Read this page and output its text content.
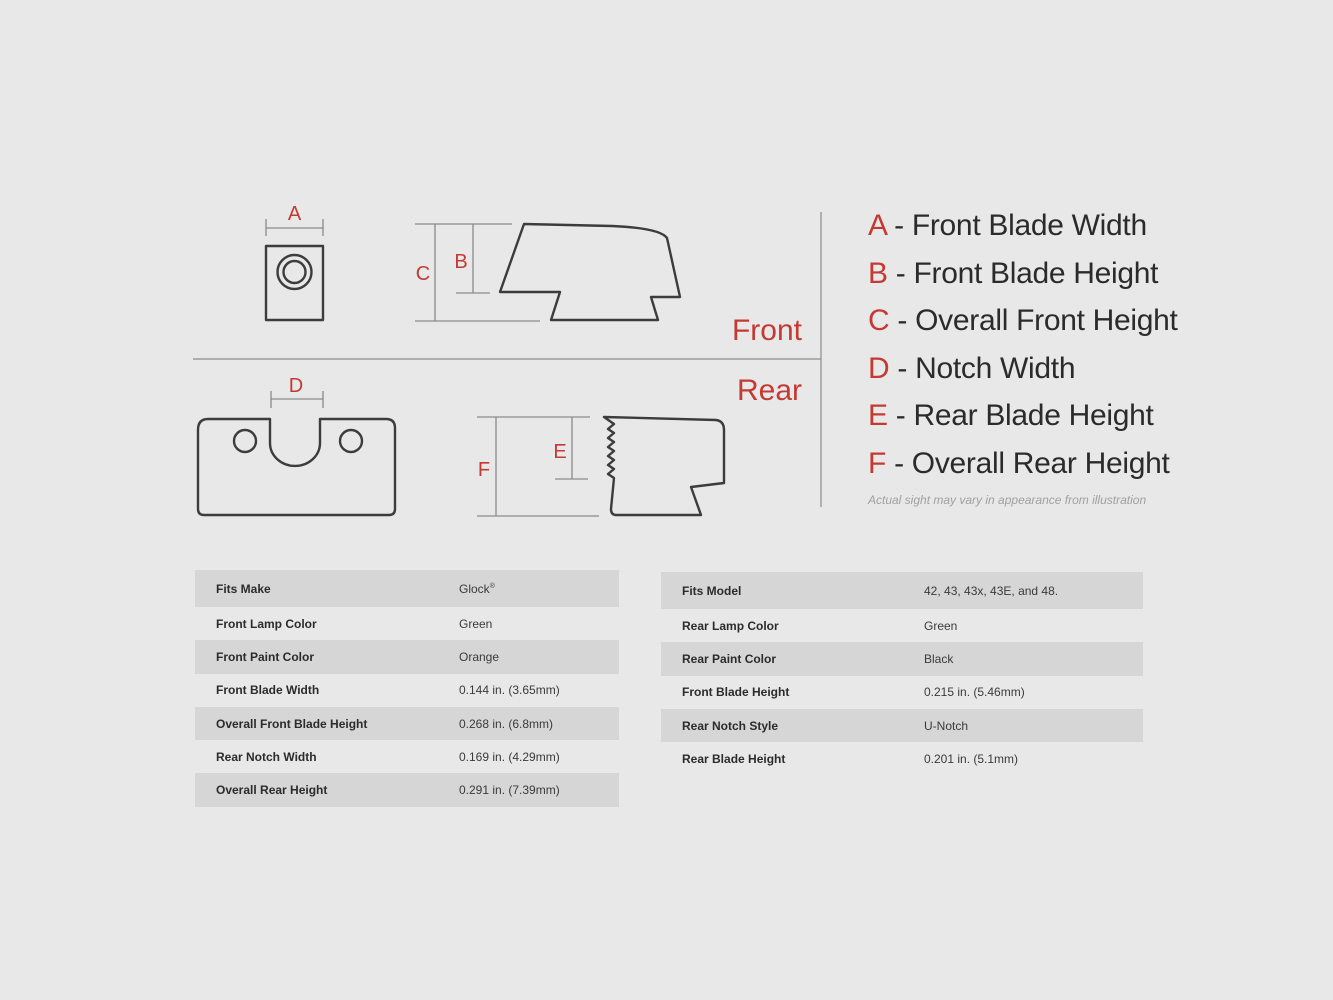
A
C
B
Front
Rear
D
F
E
A - Front Blade Width
B - Front Blade Height
C - Overall Front Height
D - Notch Width
E - Rear Blade Height
F - Overall Rear Height
Actual sight may vary in appearance from illustration
Fits Make	Glock®
Front Lamp Color	Green
Front Paint Color	Orange
Front Blade Width	0.144 in. (3.65mm)
Overall Front Blade Height	0.268 in. (6.8mm)
Rear Notch Width	0.169 in. (4.29mm)
Overall Rear Height	0.291 in. (7.39mm)
Fits Model	42, 43, 43x, 43E, and 48.
Rear Lamp Color	Green
Rear Paint Color	Black
Front Blade Height	0.215 in. (5.46mm)
Rear Notch Style	U-Notch
Rear Blade Height	0.201 in. (5.1mm)
